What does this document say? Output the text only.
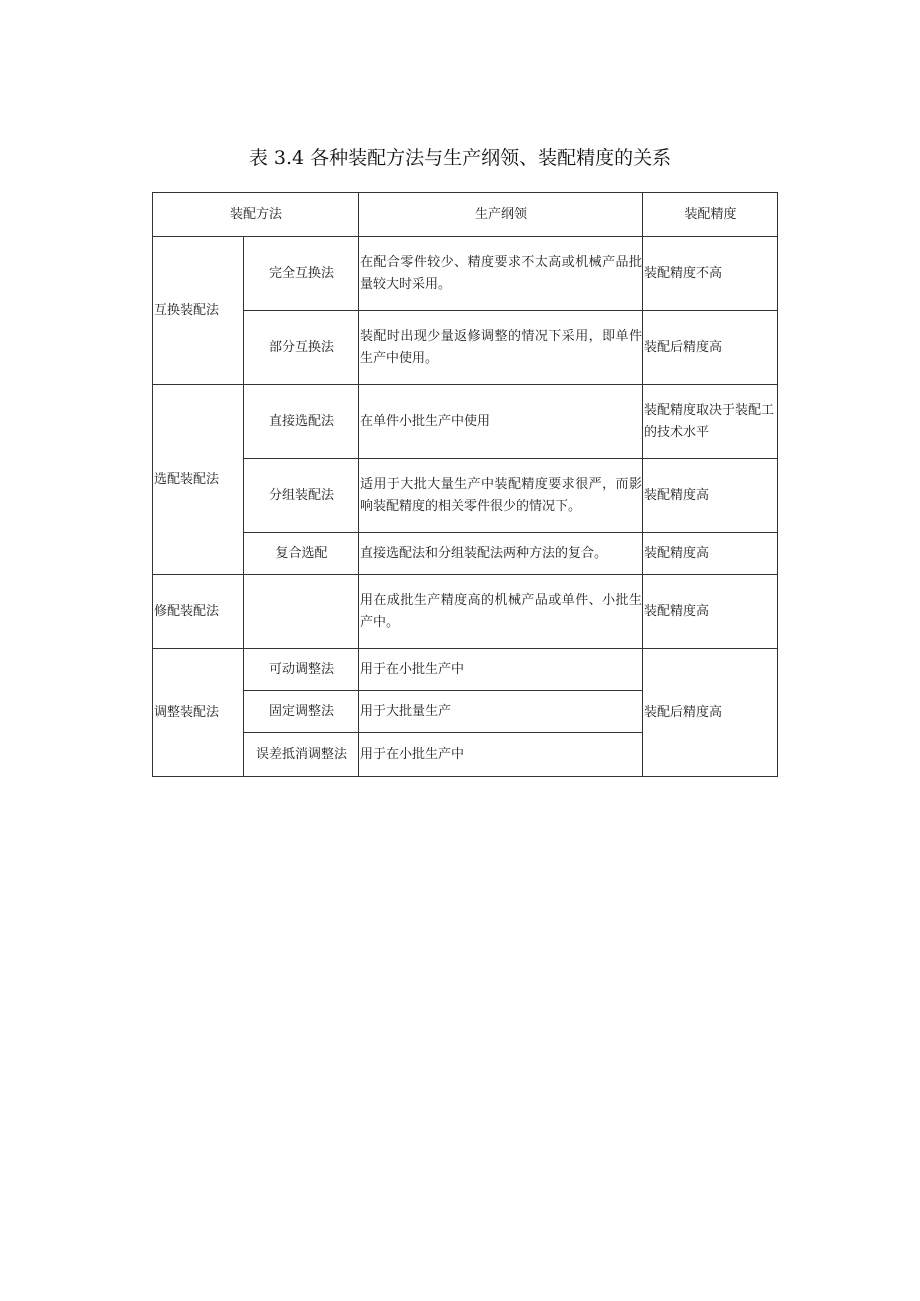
表 3.4 各种装配方法与生产纲领、装配精度的关系
装配方法		生产纲领	装配精度
互换装配法	完全互换法	在配合零件较少、精度要求不太高或机械产品批量较大时采用。	装配精度不高
	部分互换法	装配时出现少量返修调整的情况下采用，即单件生产中使用。	装配后精度高
选配装配法	直接选配法	在单件小批生产中使用	装配精度取决于装配工的技术水平
	分组装配法	适用于大批大量生产中装配精度要求很严，而影响装配精度的相关零件很少的情况下。	装配精度高
	复合选配	直接选配法和分组装配法两种方法的复合。	装配精度高
修配装配法		用在成批生产精度高的机械产品或单件、小批生产中。	装配精度高
调整装配法	可动调整法	用于在小批生产中	装配后精度高
	固定调整法	用于大批量生产	
	误差抵消调整法	用于在小批生产中	
